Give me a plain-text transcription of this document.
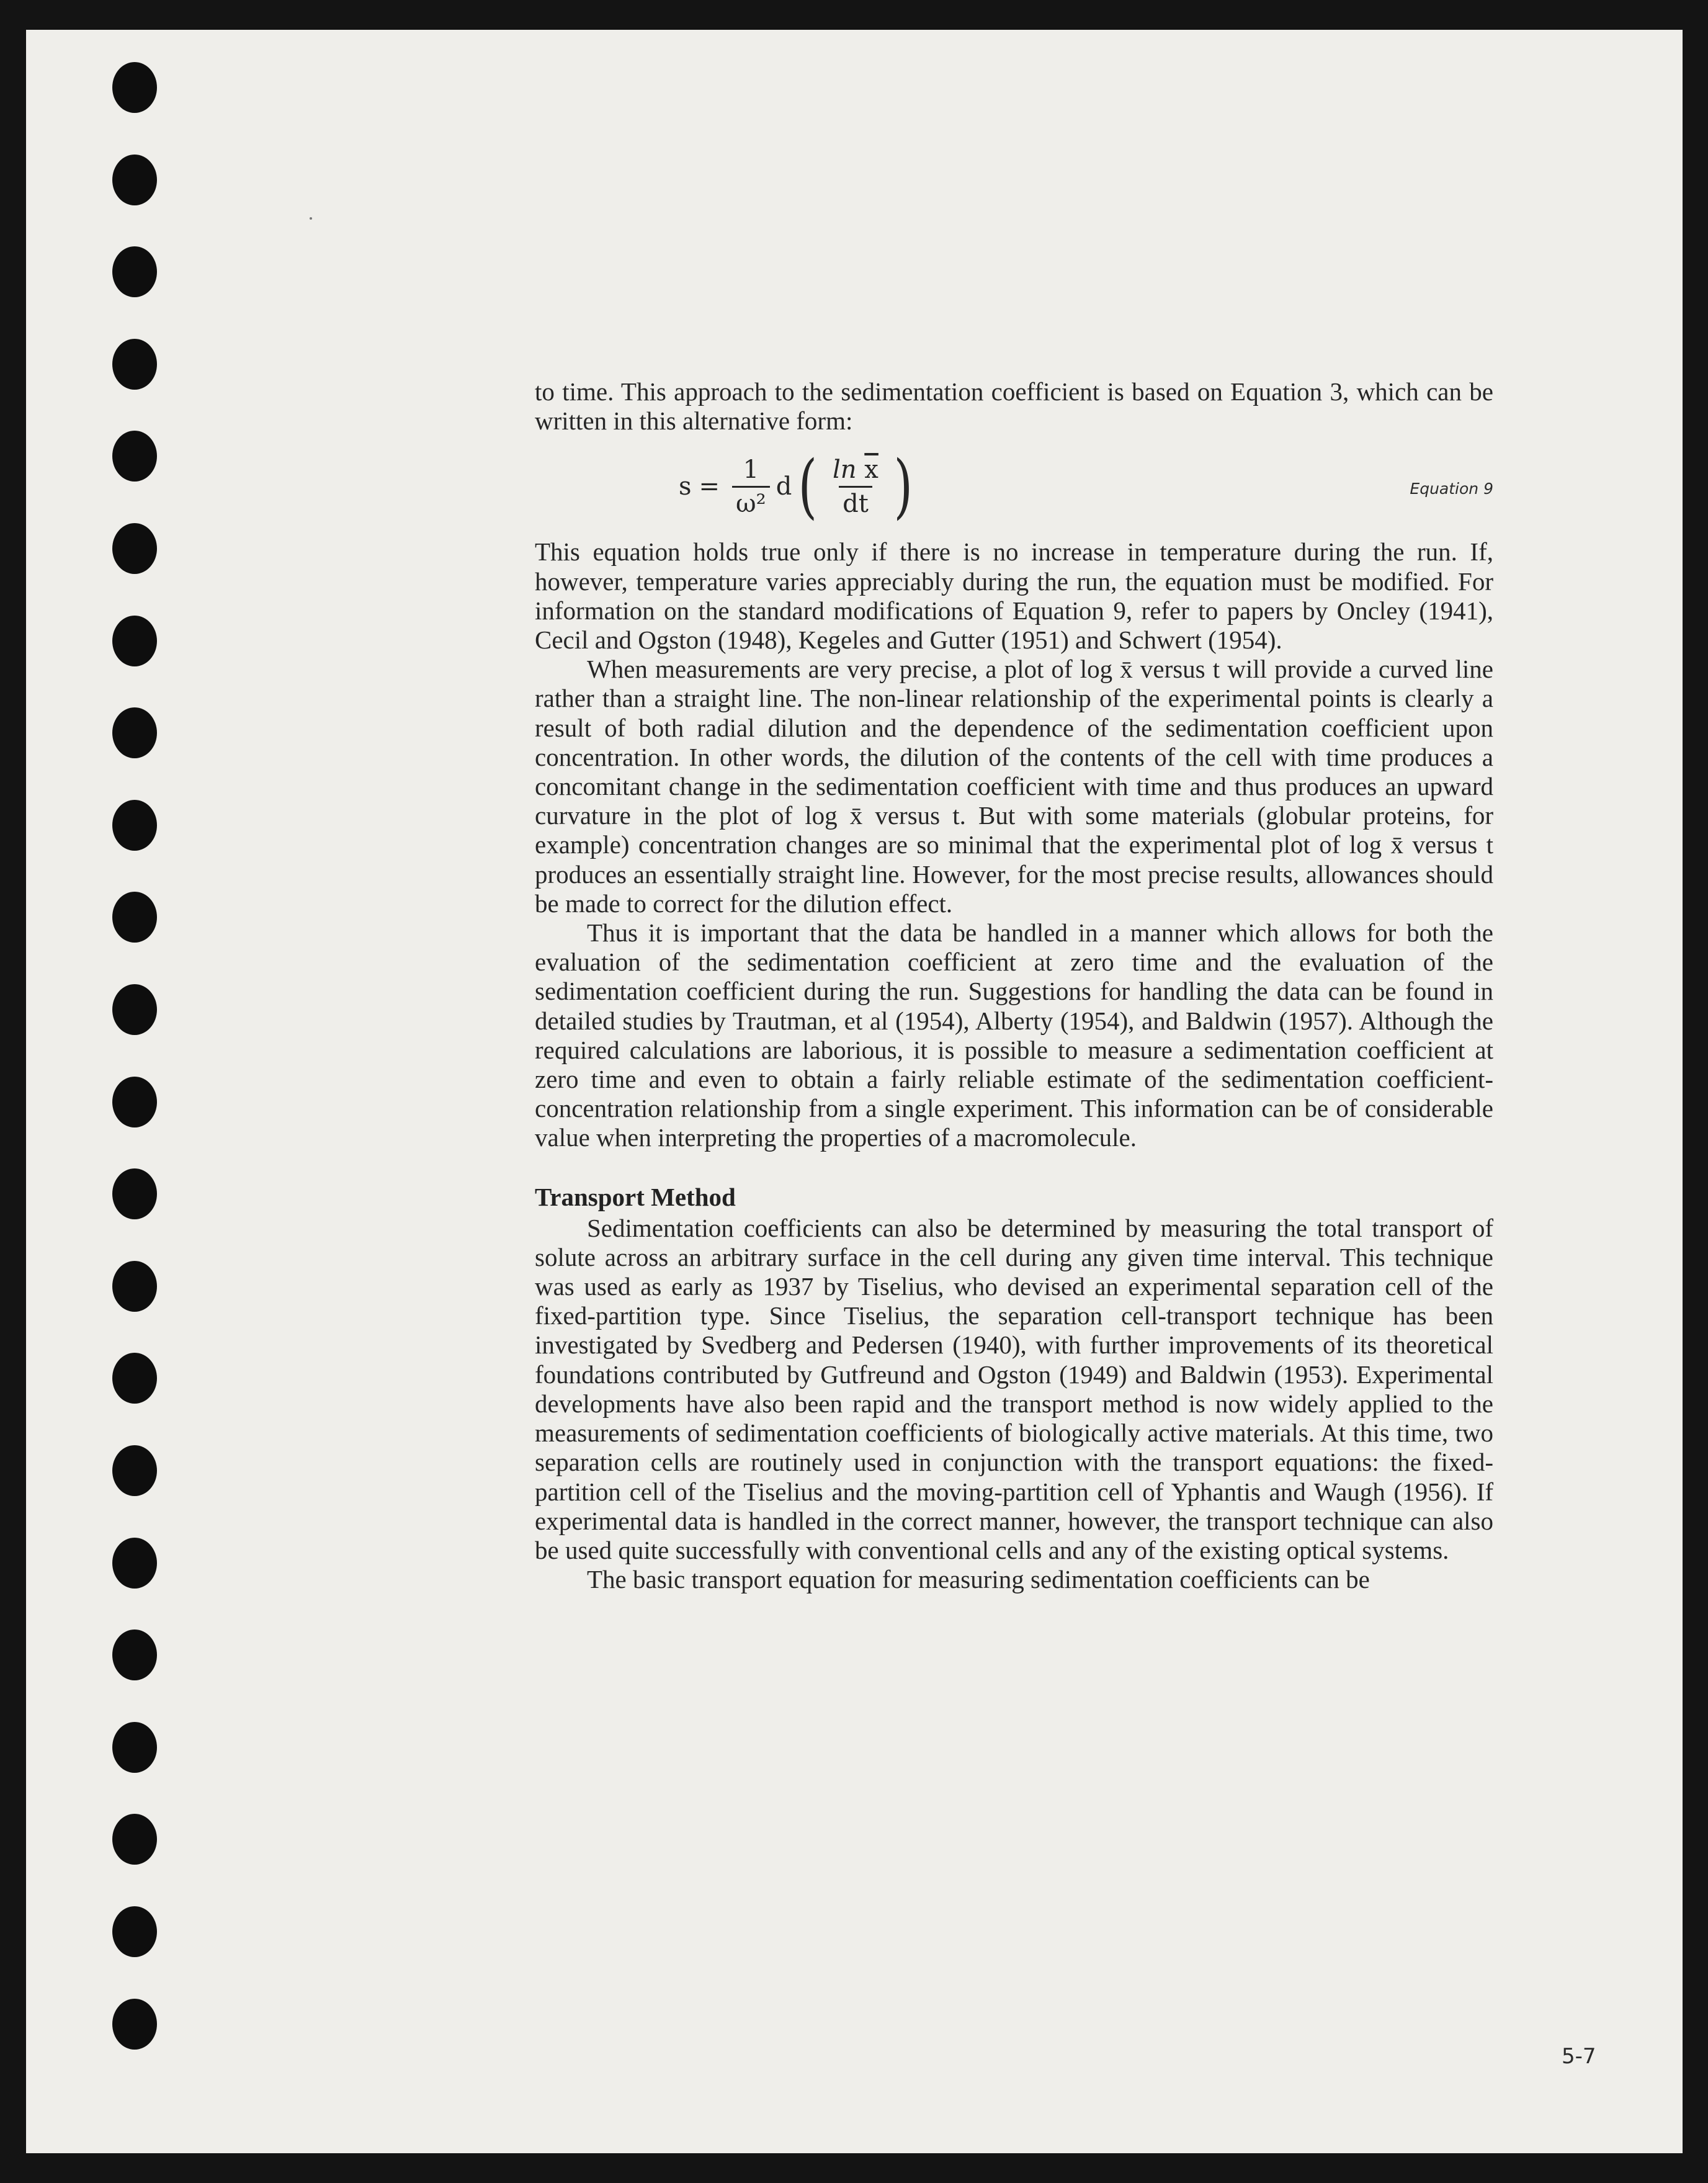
to time. This approach to the sedimentation coefficient is based on Equation 3, which can be written in this alternative form:

$s = \frac{1}{\text{ω²}}$ d ( $\frac{\ln \overline{x}}{dt}$ )	Equation 9

This equation holds true only if there is no increase in temperature during the run. If, however, temperature varies appreciably during the run, the equation must be modified. For information on the standard modifications of Equation 9, refer to papers by Oncley (1941), Cecil and Ogston (1948), Kegeles and Gutter (1951) and Schwert (1954).

When measurements are very precise, a plot of log x̄ versus t will provide a curved line rather than a straight line. The non-linear relationship of the experimental points is clearly a result of both radial dilution and the dependence of the sedimentation coefficient upon concentration. In other words, the dilution of the contents of the cell with time produces a concomitant change in the sedimentation coefficient with time and thus produces an upward curvature in the plot of log x̄ versus t. But with some materials (globular proteins, for example) concentration changes are so minimal that the experimental plot of log x̄ versus t produces an essentially straight line. However, for the most precise results, allowances should be made to correct for the dilution effect.

Thus it is important that the data be handled in a manner which allows for both the evaluation of the sedimentation coefficient at zero time and the evaluation of the sedimentation coefficient during the run. Suggestions for handling the data can be found in detailed studies by Trautman, et al (1954), Alberty (1954), and Baldwin (1957). Although the required calculations are laborious, it is possible to measure a sedimentation coefficient at zero time and even to obtain a fairly reliable estimate of the sedimentation coefficient-concentration relationship from a single experiment. This information can be of considerable value when interpreting the properties of a macromolecule.

Transport Method

Sedimentation coefficients can also be determined by measuring the total transport of solute across an arbitrary surface in the cell during any given time interval. This technique was used as early as 1937 by Tiselius, who devised an experimental separation cell of the fixed-partition type. Since Tiselius, the separation cell-transport technique has been investigated by Svedberg and Pedersen (1940), with further improvements of its theoretical foundations contributed by Gutfreund and Ogston (1949) and Baldwin (1953). Experimental developments have also been rapid and the transport method is now widely applied to the measurements of sedimentation coefficients of biologically active materials. At this time, two separation cells are routinely used in conjunction with the transport equations: the fixed-partition cell of the Tiselius and the moving-partition cell of Yphantis and Waugh (1956). If experimental data is handled in the correct manner, however, the transport technique can also be used quite successfully with conventional cells and any of the existing optical systems.

The basic transport equation for measuring sedimentation coefficients can be

5-7
